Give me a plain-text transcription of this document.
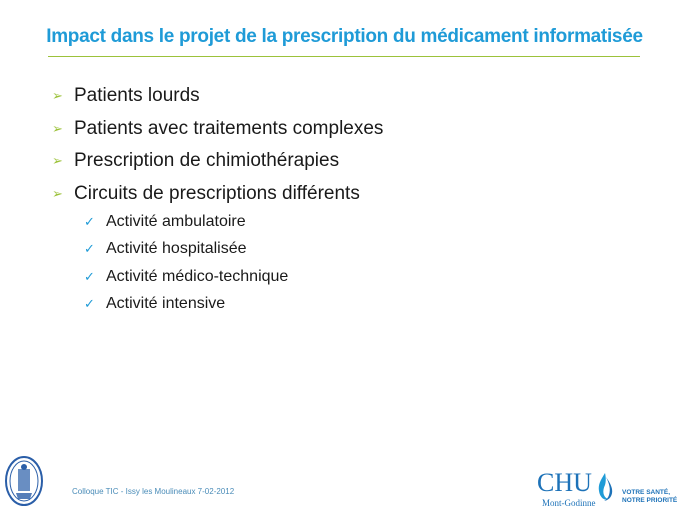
Impact dans le projet de la prescription du médicament informatisée
➢ Patients lourds
➢ Patients avec traitements complexes
➢ Prescription de chimiothérapies
➢ Circuits de prescriptions différents
✓ Activité ambulatoire
✓ Activité hospitalisée
✓ Activité médico-technique
✓ Activité intensive
Colloque TIC - Issy les Moulineaux 7-02-2012	CHU
Mont-Godinne
VOTRE SANTÉ,
NOTRE PRIORITÉ
